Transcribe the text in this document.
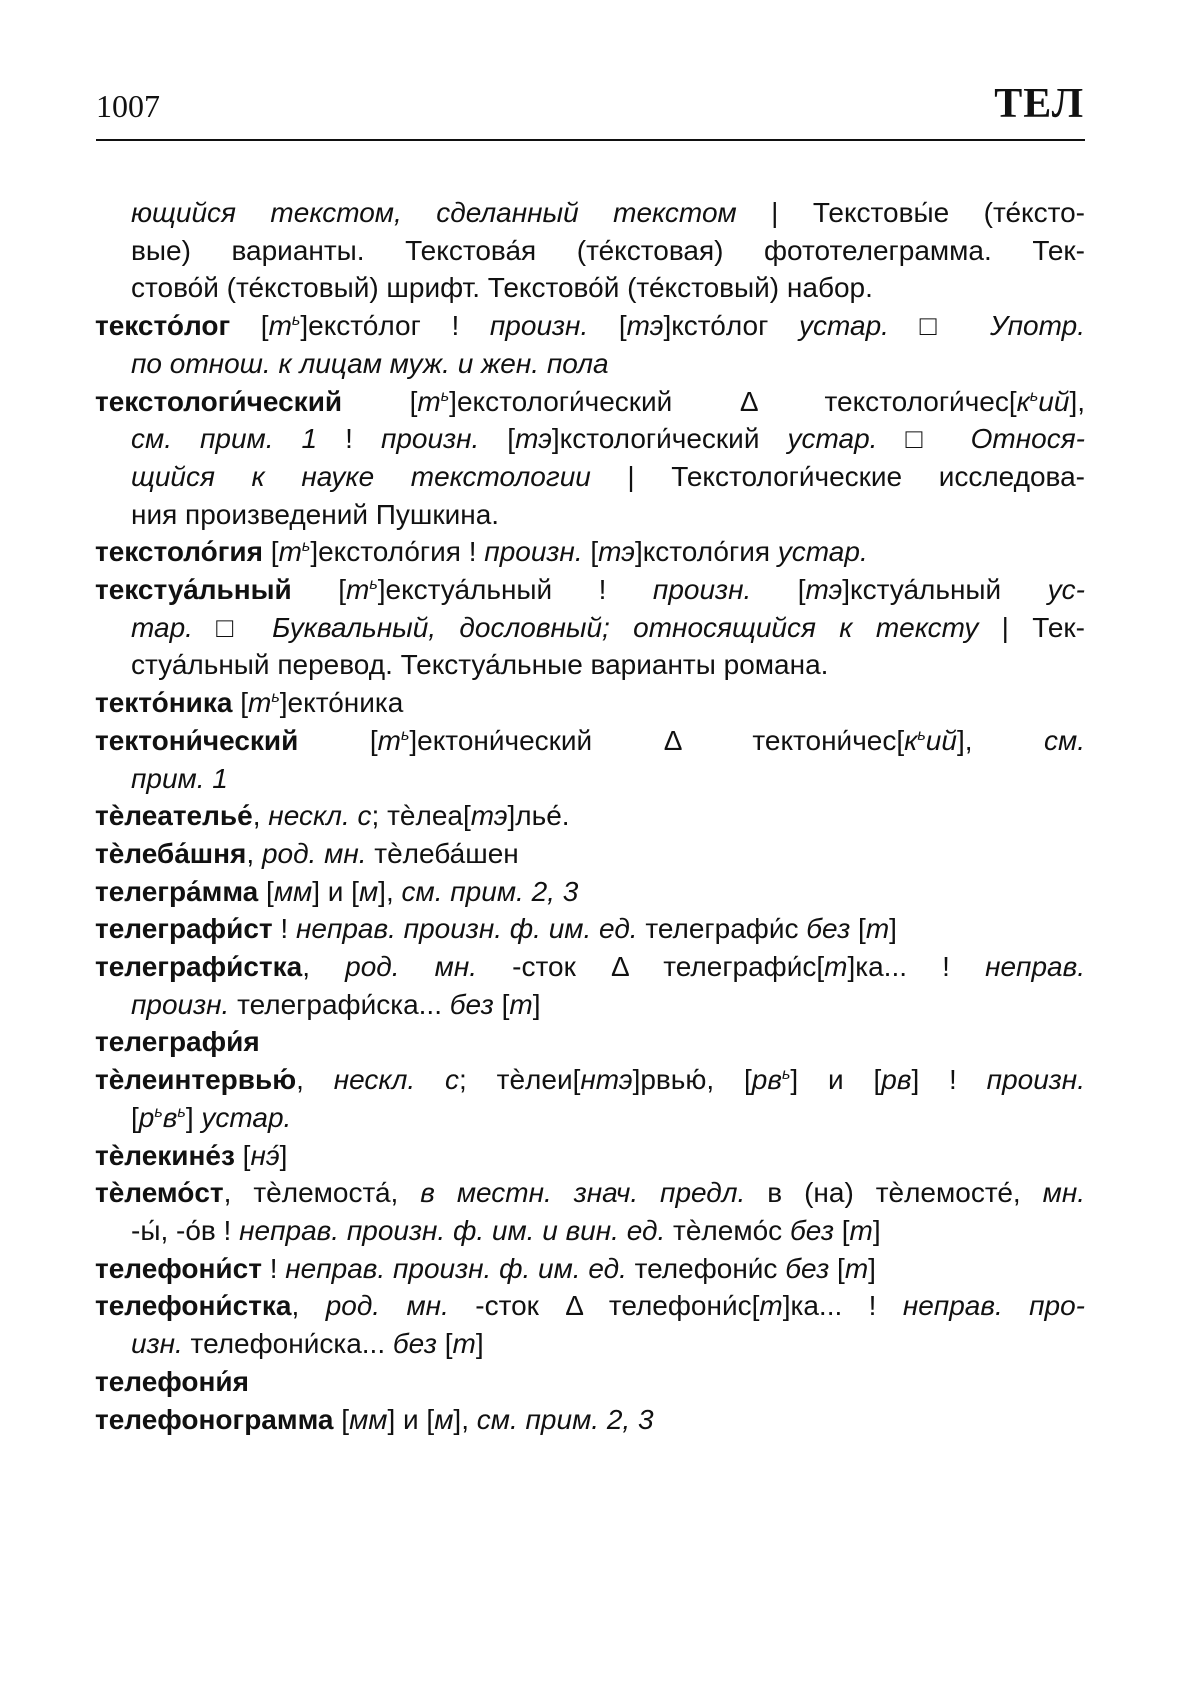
1007	ТЕЛ
ющийся текстом, сделанный текстом | Текстовы́е (те́ксто-
вые) варианты. Текстова́я (те́кстовая) фототелеграмма. Тек-
стово́й (те́кстовый) шрифт. Текстово́й (те́кстовый) набор.
тексто́лог $[т^ь]ексто́лог$ ! произн. [тэ]ксто́лог устар. □ Употр.
по отнош. к лицам муж. и жен. пола
текстологи́ческий $[т^ь]екстологи́ческий$ Δ $текстологи́чес[к^ьий]$,
см. прим. 1 ! произн. [тэ]кстологи́ческий устар. □ Относя-
щийся к науке текстологии | Текстологи́ческие исследова-
ния произведений Пушкина.
текстоло́гия $[т^ь]екстоло́гия$ ! произн. [тэ]кстоло́гия устар.
текстуа́льный $[т^ь]екстуа́льный$ ! произн. [тэ]кстуа́льный ус-
тар. □ Буквальный, дословный; относящийся к тексту | Тек-
стуа́льный перевод. Текстуа́льные варианты романа.
текто́ника $[т^ь]екто́ника$
тектони́ческий $[т^ь]ектони́ческий$ Δ $тектони́чес[к^ьий]$, см.
прим. 1
тѐлеателье́, нескл. с; тѐлеа[тэ]лье́.
тѐлеба́шня, род. мн. тѐлеба́шен
телегра́мма [мм] и [м], см. прим. 2, 3
телеграфи́ст ! неправ. произн. ф. им. ед. телеграфи́с без [т]
телеграфи́стка, род. мн. -сток Δ телеграфи́с[т]ка... ! неправ.
произн. телеграфи́ска... без [т]
телеграфи́я
тѐлеинтервью́, нескл. с; тѐлеи[нтэ]рвью́, $[рв^ь]$ и [рв] ! произн.
$[р^ьв^ь]$ устар.
тѐлекине́з [нэ́]
тѐлемо́ст, тѐлемоста́, в местн. знач. предл. в (на) тѐлемосте́, мн.
-ы́, -о́в ! неправ. произн. ф. им. и вин. ед. тѐлемо́с без [т]
телефони́ст ! неправ. произн. ф. им. ед. телефони́с без [т]
телефони́стка, род. мн. -сток Δ телефони́с[т]ка... ! неправ. про-
изн. телефони́ска... без [т]
телефони́я
телефонограмма [мм] и [м], см. прим. 2, 3
